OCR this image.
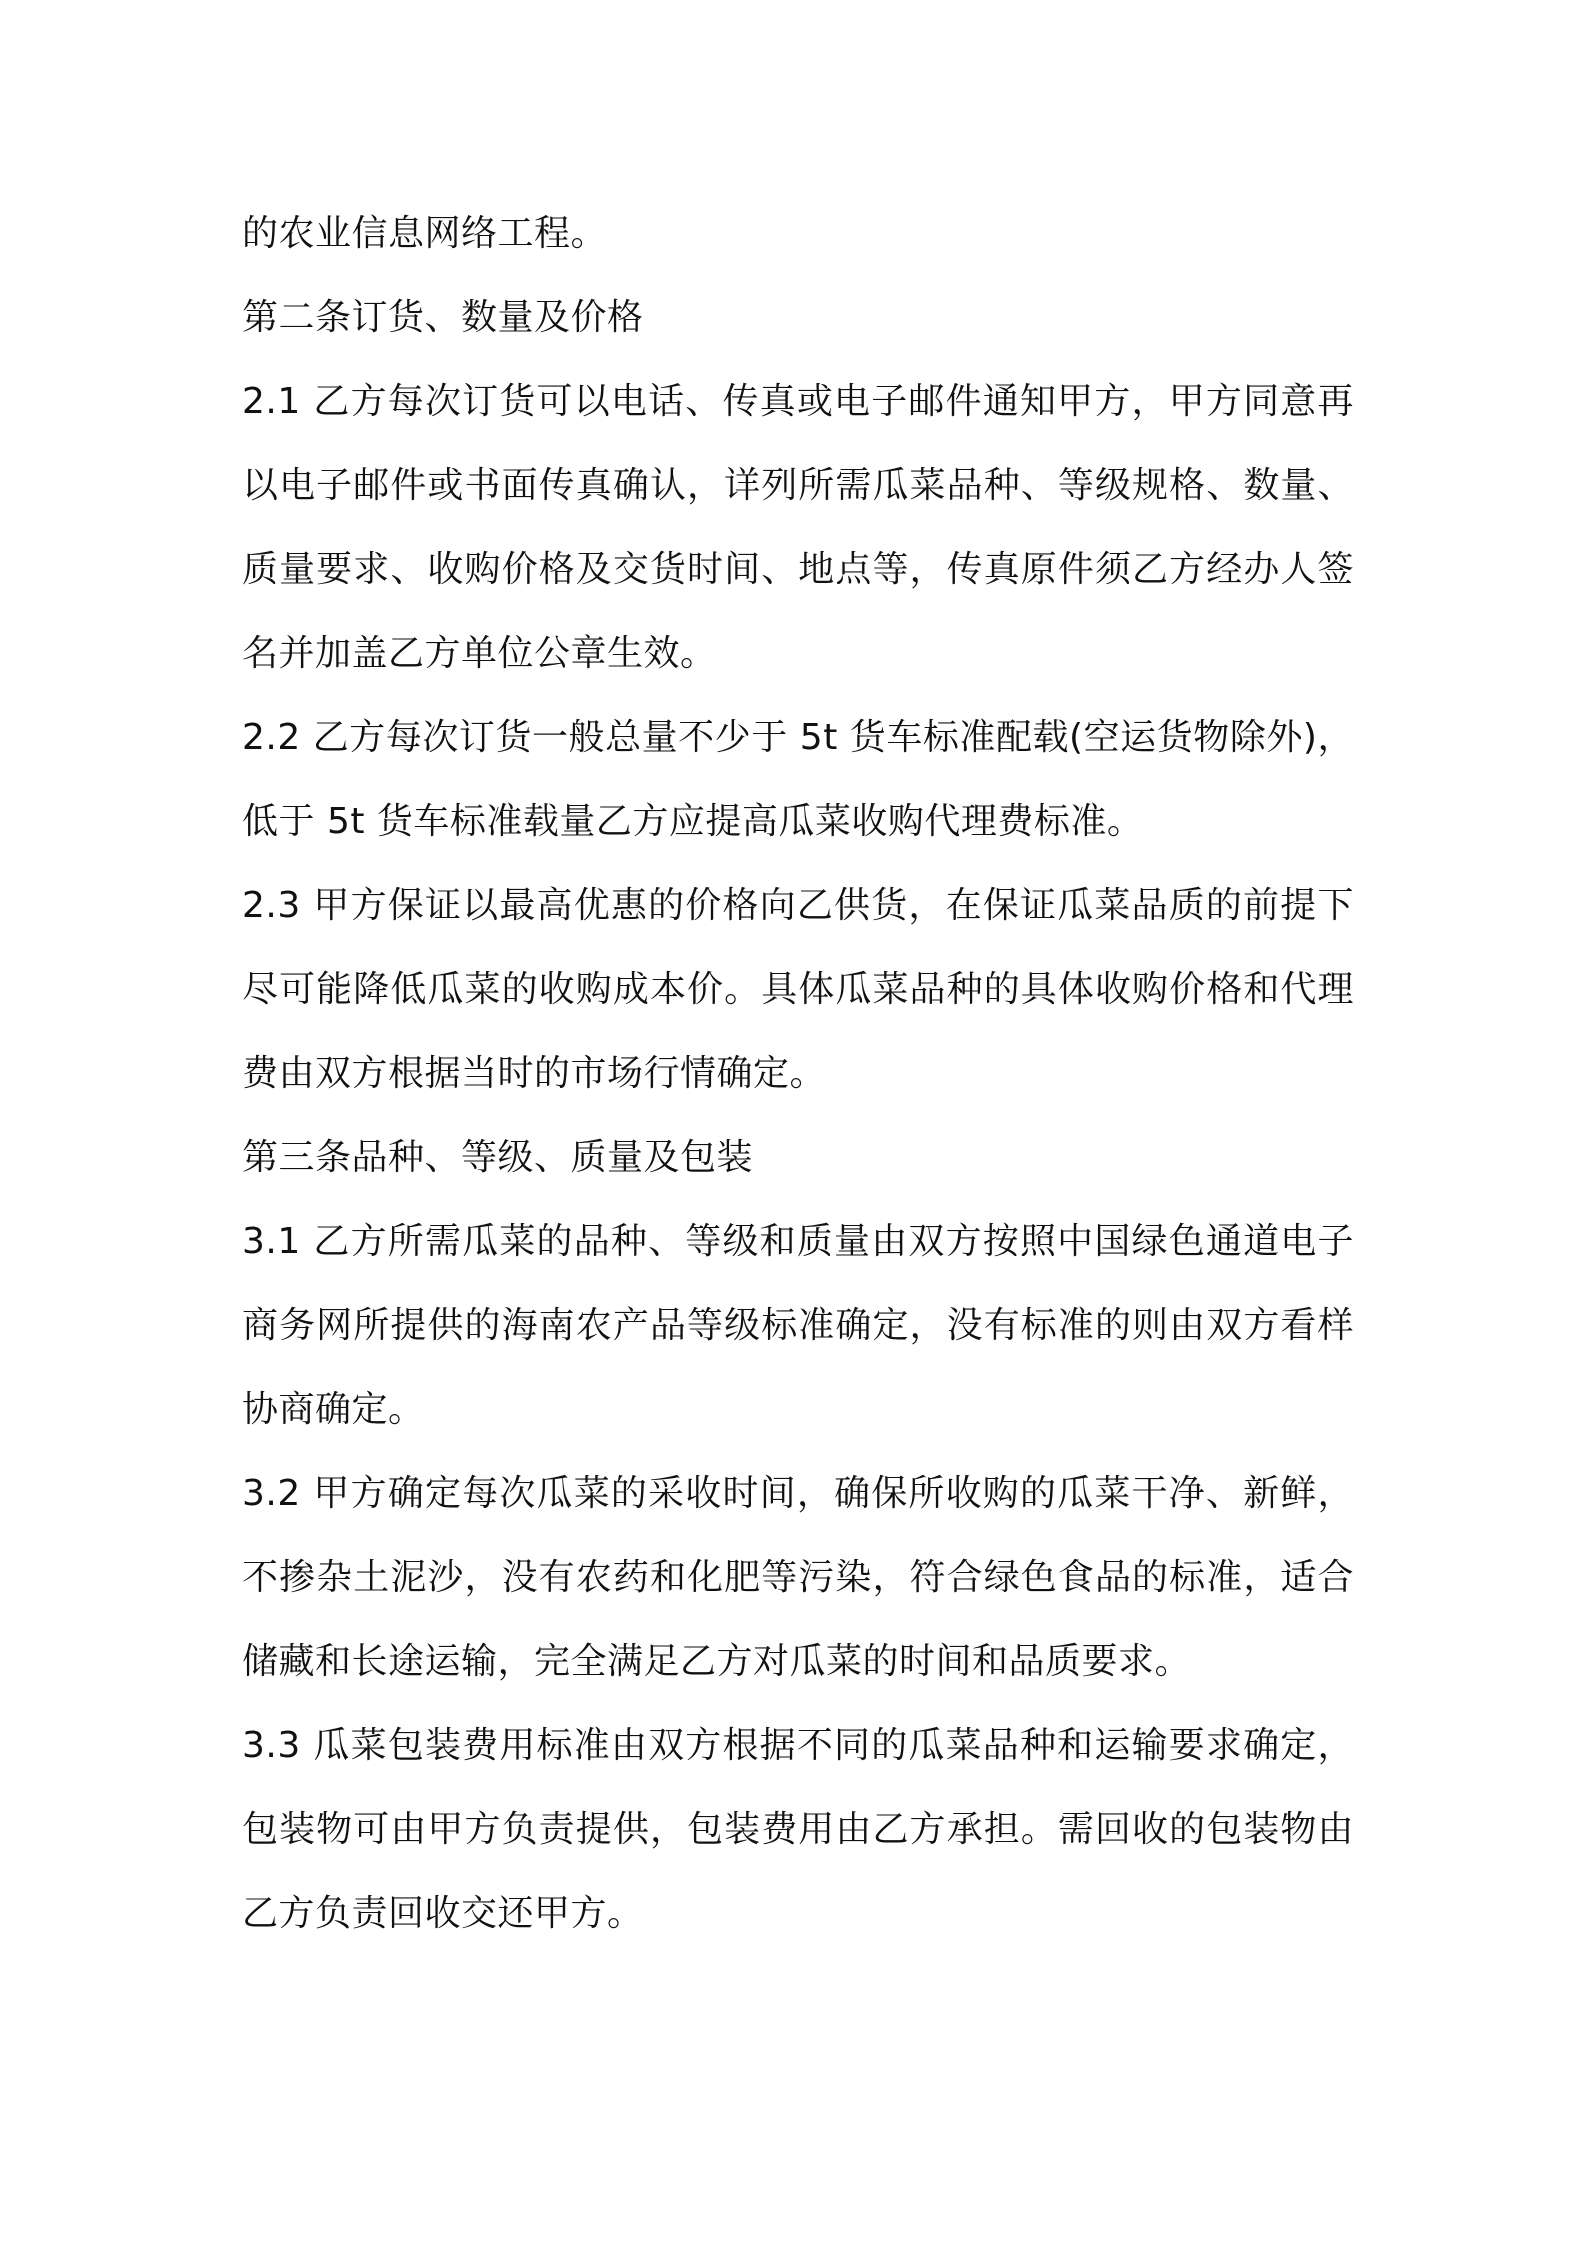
的农业信息网络工程。

第二条订货、数量及价格

2.1 乙方每次订货可以电话、传真或电子邮件通知甲方，甲方同意再以电子邮件或书面传真确认，详列所需瓜菜品种、等级规格、数量、质量要求、收购价格及交货时间、地点等，传真原件须乙方经办人签名并加盖乙方单位公章生效。

2.2 乙方每次订货一般总量不少于 5t 货车标准配载(空运货物除外)，低于 5t 货车标准载量乙方应提高瓜菜收购代理费标准。

2.3 甲方保证以最高优惠的价格向乙供货，在保证瓜菜品质的前提下尽可能降低瓜菜的收购成本价。具体瓜菜品种的具体收购价格和代理费由双方根据当时的市场行情确定。

第三条品种、等级、质量及包装

3.1 乙方所需瓜菜的品种、等级和质量由双方按照中国绿色通道电子商务网所提供的海南农产品等级标准确定，没有标准的则由双方看样协商确定。

3.2 甲方确定每次瓜菜的采收时间，确保所收购的瓜菜干净、新鲜，不掺杂土泥沙，没有农药和化肥等污染，符合绿色食品的标准，适合储藏和长途运输，完全满足乙方对瓜菜的时间和品质要求。

3.3 瓜菜包装费用标准由双方根据不同的瓜菜品种和运输要求确定，包装物可由甲方负责提供，包装费用由乙方承担。需回收的包装物由乙方负责回收交还甲方。
